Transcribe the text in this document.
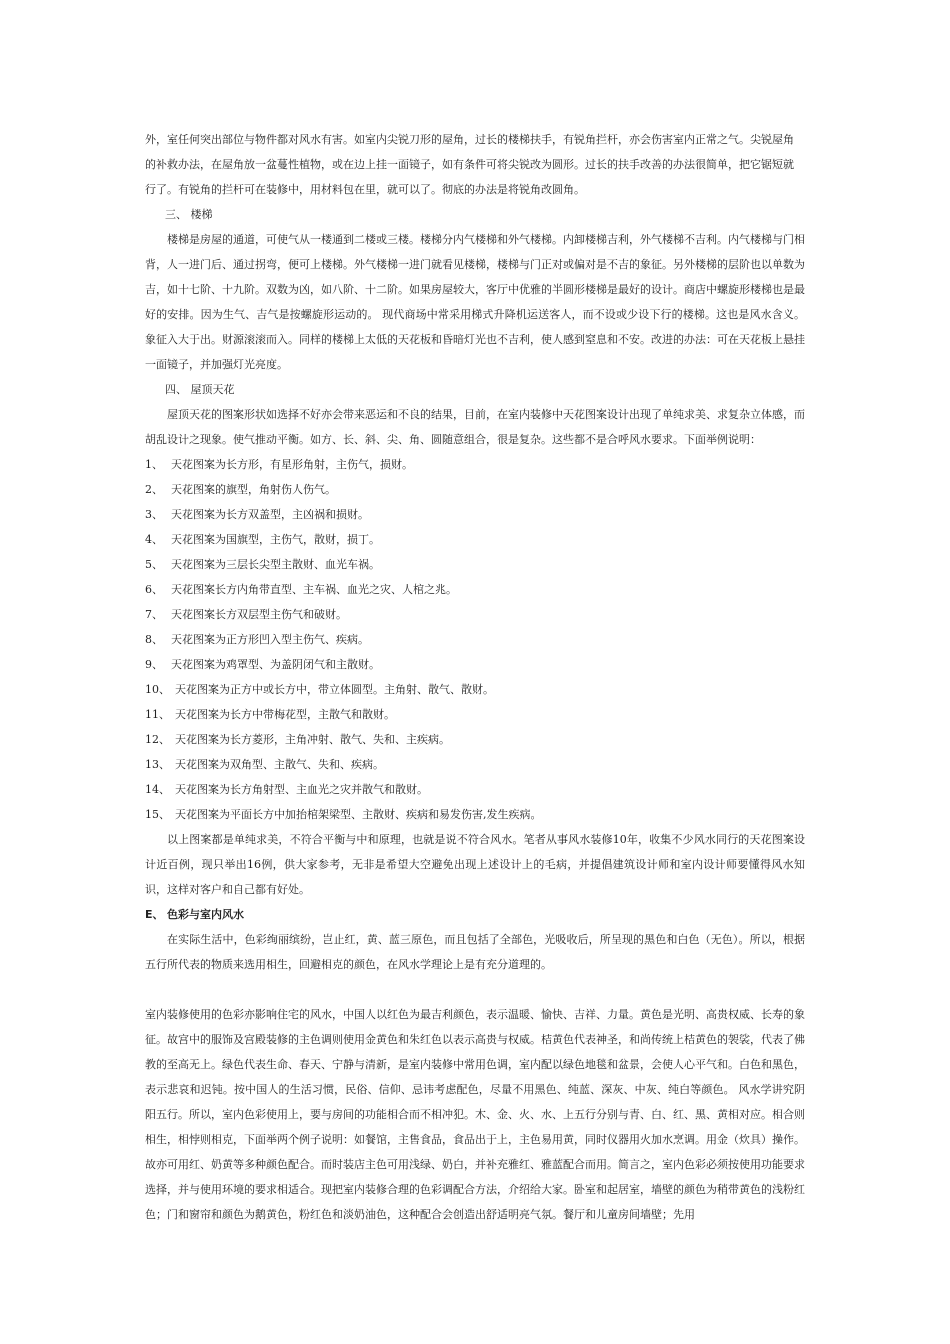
外，室任何突出部位与物件都对风水有害。如室内尖锐刀形的屋角，过长的楼梯扶手，有锐角拦杆，亦会伤害室内正常之气。尖锐屋角

的补救办法，在屋角放一盆蔓性植物，或在边上挂一面镜子，如有条件可将尖锐改为圆形。过长的扶手改善的办法很简单，把它锯短就

行了。有锐角的拦杆可在装修中，用材料包在里，就可以了。彻底的办法是将锐角改圆角。

三、 楼梯

楼梯是房屋的通道，可使气从一楼通到二楼或三楼。楼梯分内气楼梯和外气楼梯。内卸楼梯吉利，外气楼梯不吉利。内气楼梯与门相背，人一进门后、通过拐弯，便可上楼梯。外气楼梯一进门就看见楼梯，楼梯与门正对或偏对是不吉的象征。另外楼梯的层阶也以单数为吉，如十七阶、十九阶。双数为凶，如八阶、十二阶。如果房屋较大，客厅中优雅的半圆形楼梯是最好的设计。商店中螺旋形楼梯也是最好的安排。因为生气、吉气是按螺旋形运动的。 现代商场中常采用梯式升降机运送客人，而不设或少设下行的楼梯。这也是风水含义。象征入大于出。财源滚滚而入。同样的楼梯上太低的天花板和昏暗灯光也不吉利，使人感到窒息和不安。改进的办法：可在天花板上悬挂一面镜子，并加强灯光亮度。

四、 屋顶天花

屋顶天花的图案形状如选择不好亦会带来恶运和不良的结果，目前，在室内装修中天花图案设计出现了单纯求美、求复杂立体感，而胡乱设计之现象。使气推动平衡。如方、长、斜、尖、角、圆随意组合，很是复杂。这些都不是合呼风水要求。下面举例说明：

1、 天花图案为长方形，有星形角射，主伤气，损财。

2、 天花图案的旗型，角射伤人伤气。

3、 天花图案为长方双盖型，主凶祸和损财。

4、 天花图案为国旗型，主伤气，散财，损丁。

5、 天花图案为三层长尖型主散财、血光车祸。

6、 天花图案长方内角带直型、主车祸、血光之灾、人棺之兆。

7、 天花图案长方双层型主伤气和破财。

8、 天花图案为正方形凹入型主伤气、疾病。

9、 天花图案为鸡罩型、为盖阴闭气和主散财。

10、 天花图案为正方中或长方中，带立体圆型。主角射、散气、散财。

11、 天花图案为长方中带梅花型，主散气和散财。

12、 天花图案为长方菱形，主角冲射、散气、失和、主疾病。

13、 天花图案为双角型、主散气、失和、疾病。

14、 天花图案为长方角射型、主血光之灾并散气和散财。

15、 天花图案为平面长方中加抬棺架梁型、主散财、疾病和易发伤害,发生疾病。

以上图案都是单纯求美，不符合平衡与中和原理，也就是说不符合风水。笔者从事风水装修10年，收集不少风水同行的天花图案设计近百例，现只举出16例，供大家参考，无非是希望大空避免出现上述设计上的毛病，并提倡建筑设计师和室内设计师要懂得风水知识，这样对客户和自己都有好处。

E、 色彩与室内风水

在实际生活中，色彩绚丽缤纷，岂止红，黄、蓝三原色，而且包括了全部色，光吸收后，所呈现的黑色和白色（无色）。所以，根据五行所代表的物质来选用相生，回避相克的颜色，在风水学理论上是有充分道理的。

室内装修使用的色彩亦影响住宅的风水，中国人以红色为最吉利颜色，表示温暖、愉快、吉祥、力量。黄色是光明、高贵权威、长寿的象征。故宫中的服饰及宫殿装修的主色调则使用金黄色和朱红色以表示高贵与权威。桔黄色代表神圣，和尚传统上桔黄色的袈裟，代表了佛教的至高无上。绿色代表生命、春天、宁静与清新，是室内装修中常用色调，室内配以绿色地毯和盆景，会使人心平气和。白色和黑色，表示悲哀和迟钝。按中国人的生活习惯，民俗、信仰、忌讳考虑配色，尽量不用黑色、纯蓝、深灰、中灰、纯白等颜色。 风水学讲究阴阳五行。所以，室内色彩使用上，要与房间的功能相合而不相冲犯。木、金、火、水、上五行分别与青、白、红、黑、黄相对应。相合则相生，相悖则相克，下面举两个例子说明：如餐馆，主售食品，食品出于上，主色易用黄，同时仪器用火加水烹调。用金（炊具）操作。故亦可用红、奶黄等多种颜色配合。而时装店主色可用浅绿、奶白，并补充雅红、雅蓝配合而用。简言之，室内色彩必须按使用功能要求选择，并与使用环境的要求相适合。现把室内装修合理的色彩调配合方法，介绍给大家。卧室和起居室，墙壁的颜色为稍带黄色的浅粉红色；门和窗帘和颜色为鹅黄色，粉红色和淡奶油色，这种配合会创造出舒适明亮气氛。餐厅和儿童房间墙壁；先用
